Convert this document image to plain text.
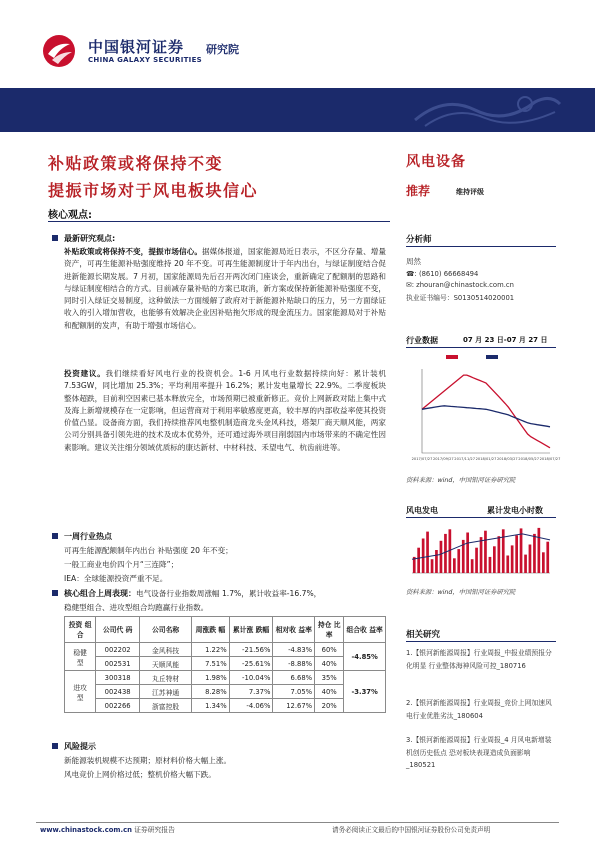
中国银河证券 研究院
CHINA GALAXY SECURITIES
行业研究报告	电气设备	2018 年 07 月 30 日
补贴政策或将保持不变
提振市场对于风电板块信心
风电设备
推荐	维持评级
核心观点:
最新研究观点:
补贴政策或将保持不变，提振市场信心。据媒体报道，国家能源局近日表示，不区分存量、增量资产，可再生能源补贴强度维持 20 年不变。可再生能源制度计于年内出台，与绿证制度结合促进新能源长期发展。7 月初，国家能源局先后召开两次闭门座谈会，重新确定了配额制的思路和与绿证制度相结合的方式。目前减存量补贴的方案已取消，新方案或保持新能源补贴强度不变，同时引入绿证交易制度，这种做法一方面缓解了政府对于新能源补贴缺口的压力，另一方面绿证收入的引入增加营收，也能够有效解决企业因补贴拖欠形成的现金流压力。国家能源局对于补贴和配额制的发声，有助于增强市场信心。
投资建议。我们继续看好风电行业的投资机会。1-6 月风电行业数据持续向好：累计装机 7.53GW，同比增加 25.3%；平均利用率提升 16.2%；累计发电量增长 22.9%。二季度板块整体超跌，目前利空因素已基本释放完全，市场预期已被重新修正。竞价上网新政对陆上集中式及海上新增规模存在一定影响，但运营商对于利用率敏感度更高，较丰厚的内部收益率使其投资价值凸显。设备商方面，我们持续推荐风电整机制造商龙头金风科技，塔架厂商天顺风能，两家公司分别具备引领先进的技术及成本优势外，还可通过海外项目削弱国内市场带来的不确定性因素影响。建议关注细分领域优质标的康达新材、中材科技、禾望电气、杭齿前进等。
一周行业热点
可再生能源配额制年内出台 补贴强度 20 年不变；
一般工商业电价四个月“三连降”；
IEA：全球能源投资严重不足。
核心组合上周表现： 电气设备行业指数周涨幅 1.7%，累计收益率-16.7%，
稳健型组合、进攻型组合均跑赢行业指数。
投资 组合	公司代 码	公司名称	周涨跌 幅	累计涨 跌幅	相对收 益率	持仓 比率	组合收 益率
稳健
型	002202	金风科技	1.22%	-21.56%	-4.83%	60%	-4.85%
	002531	天顺风能	7.51%	-25.61%	-8.88%	40%	
进攻
型	300318	丸丘特材	1.98%	-10.04%	6.68%	35%	-3.37%
	002438	江苏神通	8.28%	7.37%	7.05%	40%	
	002266	浙富控股	1.34%	-4.06%	12.67%	20%	
风险提示
新能源装机规模不达预期；原材料价格大幅上涨。
风电竞价上网价格过低；整机价格大幅下跌。
分析师
周然
☎: (8610) 66668494
✉: zhouran@chinastock.com.cn
执业证书编号：S0130514020001
行业数据	07 月 23 日-07 月 27 日
2017/07/27 2017/09/27 2017/11/27 2018/01/27 2018/03/27 2018/05/27 2018/07/27
资料来源：wind，中国银河证券研究院
风电发电	累计发电小时数
资料来源：wind，中国银河证券研究院
相关研究
1.【银河新能源周报】行业周报_中报业绩预报分化明显 行业整体海神风险可控_180716
2.【银河新能源周报】行业周报_竞价上网加速风电行业优胜劣汰_180604
3.【银河新能源周报】行业周报_4 月风电新增装机创历史低点 恐对板块表现造成负面影响_180521
www.chinastock.com.cn 证券研究报告	请务必阅读正文最后的中国银河证券股份公司免责声明
